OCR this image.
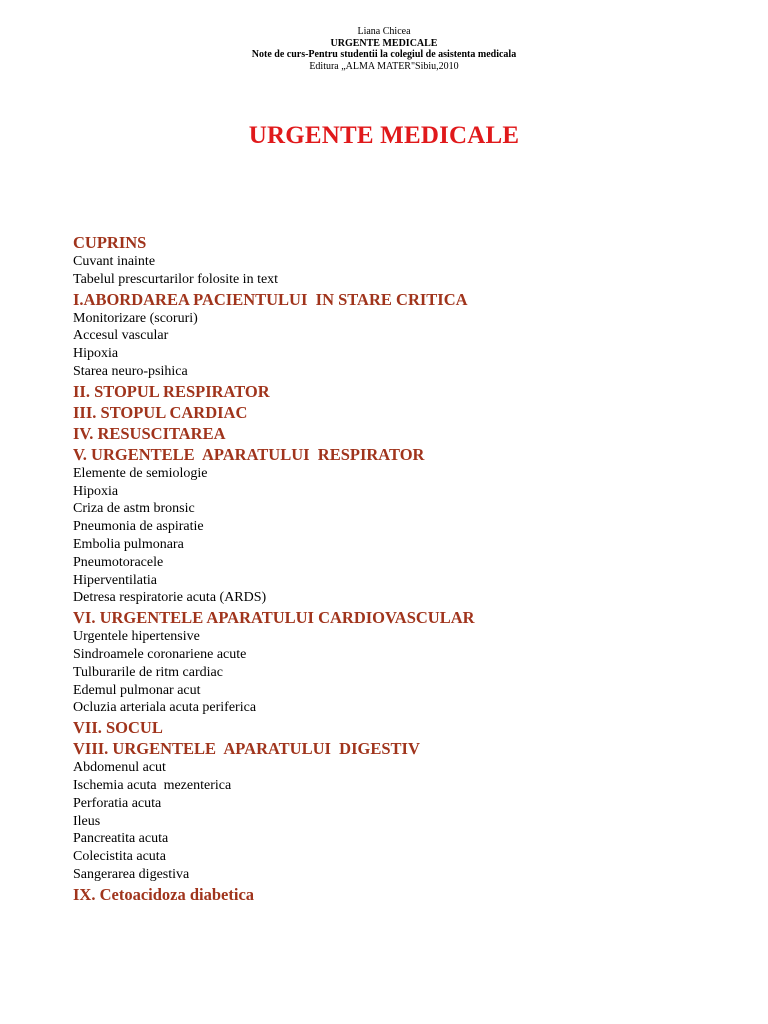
Liana Chicea
URGENTE MEDICALE
Note de curs-Pentru studentii la colegiul de asistenta medicala
Editura „ALMA MATER"Sibiu,2010
URGENTE MEDICALE
CUPRINS
Cuvant inainte
Tabelul prescurtarilor folosite in text
I.ABORDAREA PACIENTULUI  IN STARE CRITICA
Monitorizare (scoruri)
Accesul vascular
Hipoxia
Starea neuro-psihica
II. STOPUL RESPIRATOR
III. STOPUL CARDIAC
IV. RESUSCITAREA
V. URGENTELE  APARATULUI  RESPIRATOR
Elemente de semiologie
Hipoxia
Criza de astm bronsic
Pneumonia de aspiratie
Embolia pulmonara
Pneumotoracele
Hiperventilatia
Detresa respiratorie acuta (ARDS)
VI. URGENTELE APARATULUI CARDIOVASCULAR
Urgentele hipertensive
Sindroamele coronariene acute
Tulburarile de ritm cardiac
Edemul pulmonar acut
Ocluzia arteriala acuta periferica
VII. SOCUL
VIII. URGENTELE  APARATULUI  DIGESTIV
Abdomenul acut
Ischemia acuta  mezenterica
Perforatia acuta
Ileus
Pancreatita acuta
Colecistita acuta
Sangerarea digestiva
IX. Cetoacidoza diabetica
